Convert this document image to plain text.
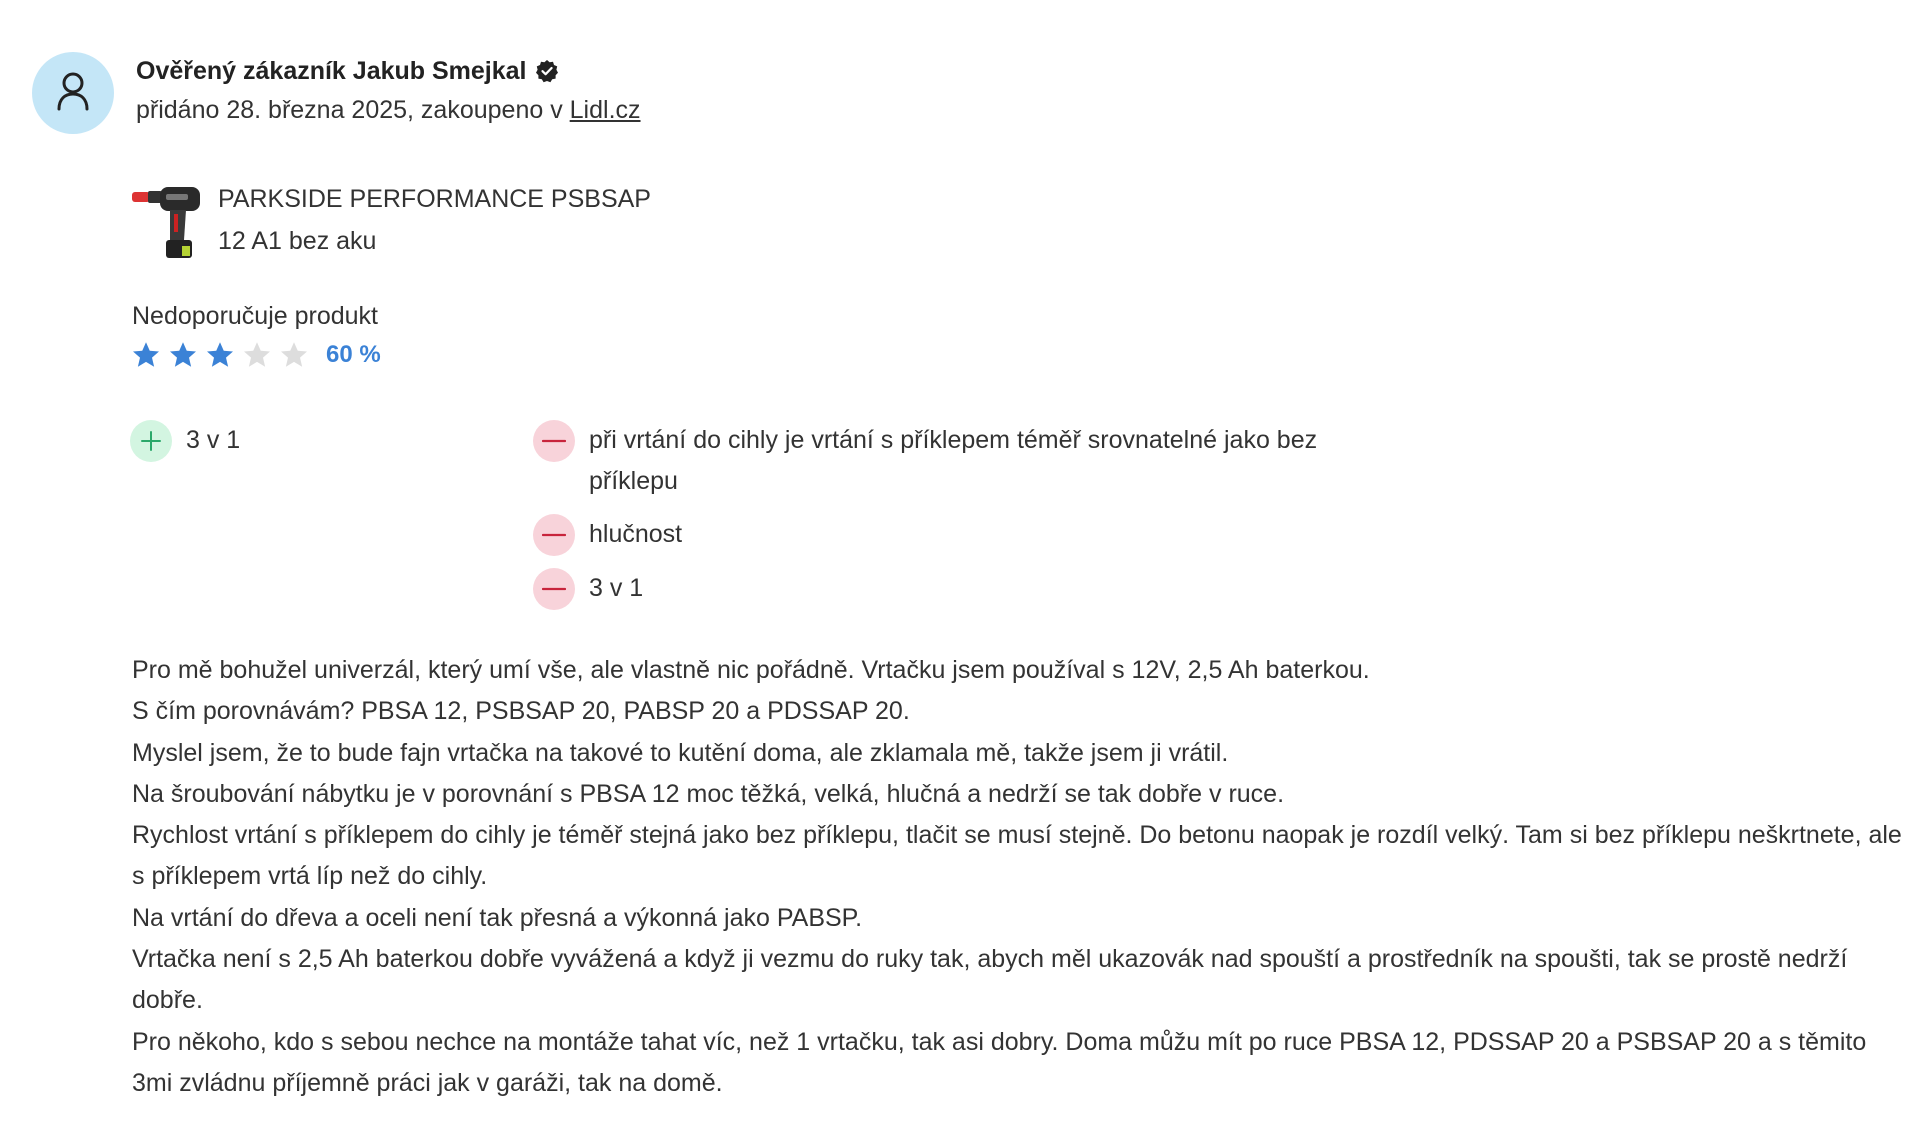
Ověřený zákazník Jakub Smejkal
přidáno 28. března 2025, zakoupeno v Lidl.cz
PARKSIDE PERFORMANCE PSBSAP 12 A1 bez aku
Nedoporučuje produkt
60 %
3 v 1	při vrtání do cihly je vrtání s příklepem téměř srovnatelné jako bez příklepu
hlučnost
3 v 1
Pro mě bohužel univerzál, který umí vše, ale vlastně nic pořádně. Vrtačku jsem používal s 12V, 2,5 Ah baterkou.
S čím porovnávám? PBSA 12, PSBSAP 20, PABSP 20 a PDSSAP 20.
Myslel jsem, že to bude fajn vrtačka na takové to kutění doma, ale zklamala mě, takže jsem ji vrátil.
Na šroubování nábytku je v porovnání s PBSA 12 moc těžká, velká, hlučná a nedrží se tak dobře v ruce.
Rychlost vrtání s příklepem do cihly je téměř stejná jako bez příklepu, tlačit se musí stejně. Do betonu naopak je rozdíl velký. Tam si bez příklepu neškrtnete, ale s příklepem vrtá líp než do cihly.
Na vrtání do dřeva a oceli není tak přesná a výkonná jako PABSP.
Vrtačka není s 2,5 Ah baterkou dobře vyvážená a když ji vezmu do ruky tak, abych měl ukazovák nad spouští a prostředník na spoušti, tak se prostě nedrží dobře.
Pro někoho, kdo s sebou nechce na montáže tahat víc, než 1 vrtačku, tak asi dobry. Doma můžu mít po ruce PBSA 12, PDSSAP 20 a PSBSAP 20 a s těmito 3mi zvládnu příjemně práci jak v garáži, tak na domě.
